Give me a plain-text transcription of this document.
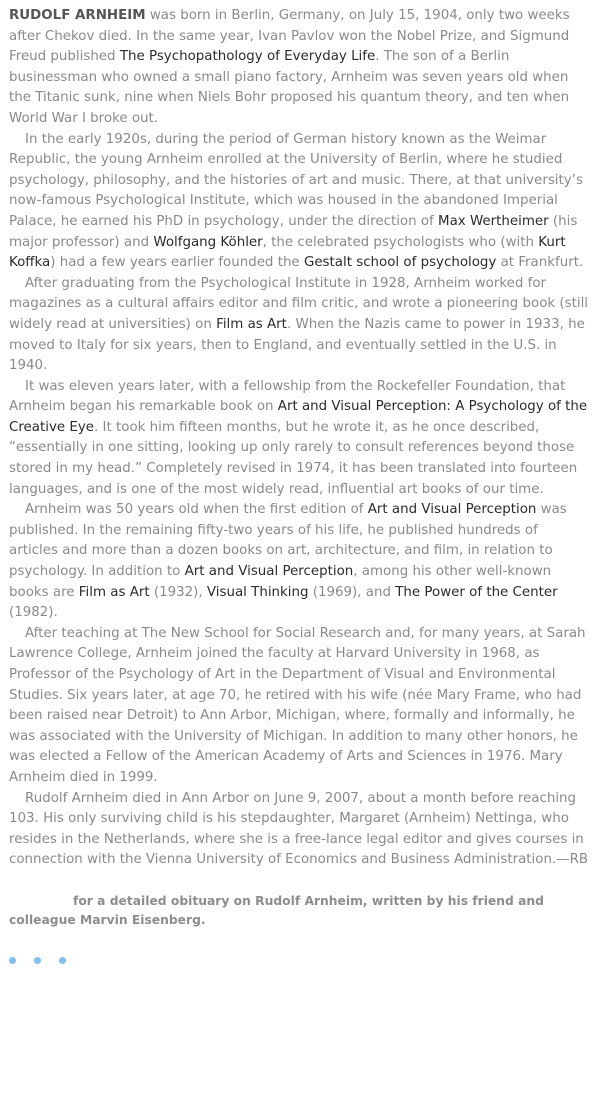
RUDOLF ARNHEIM was born in Berlin, Germany, on July 15, 1904, only two weeks after Chekov died. In the same year, Ivan Pavlov won the Nobel Prize, and Sigmund Freud published The Psychopathology of Everyday Life. The son of a Berlin businessman who owned a small piano factory, Arnheim was seven years old when the Titanic sunk, nine when Niels Bohr proposed his quantum theory, and ten when World War I broke out.

In the early 1920s, during the period of German history known as the Weimar Republic, the young Arnheim enrolled at the University of Berlin, where he studied psychology, philosophy, and the histories of art and music. There, at that university’s now-famous Psychological Institute, which was housed in the abandoned Imperial Palace, he earned his PhD in psychology, under the direction of Max Wertheimer (his major professor) and Wolfgang Köhler, the celebrated psychologists who (with Kurt Koffka) had a few years earlier founded the Gestalt school of psychology at Frankfurt.

After graduating from the Psychological Institute in 1928, Arnheim worked for magazines as a cultural affairs editor and film critic, and wrote a pioneering book (still widely read at universities) on Film as Art. When the Nazis came to power in 1933, he moved to Italy for six years, then to England, and eventually settled in the U.S. in 1940.

It was eleven years later, with a fellowship from the Rockefeller Foundation, that Arnheim began his remarkable book on Art and Visual Perception: A Psychology of the Creative Eye. It took him fifteen months, but he wrote it, as he once described, “essentially in one sitting, looking up only rarely to consult references beyond those stored in my head.” Completely revised in 1974, it has been translated into fourteen languages, and is one of the most widely read, influential art books of our time.

Arnheim was 50 years old when the first edition of Art and Visual Perception was published. In the remaining fifty-two years of his life, he published hundreds of articles and more than a dozen books on art, architecture, and film, in relation to psychology. In addition to Art and Visual Perception, among his other well-known books are Film as Art (1932), Visual Thinking (1969), and The Power of the Center (1982).

After teaching at The New School for Social Research and, for many years, at Sarah Lawrence College, Arnheim joined the faculty at Harvard University in 1968, as Professor of the Psychology of Art in the Department of Visual and Environmental Studies. Six years later, at age 70, he retired with his wife (née Mary Frame, who had been raised near Detroit) to Ann Arbor, Michigan, where, formally and informally, he was associated with the University of Michigan. In addition to many other honors, he was elected a Fellow of the American Academy of Arts and Sciences in 1976. Mary Arnheim died in 1999.

Rudolf Arnheim died in Ann Arbor on June 9, 2007, about a month before reaching 103. His only surviving child is his stepdaughter, Margaret (Arnheim) Nettinga, who resides in the Netherlands, where she is a free-lance legal editor and gives courses in connection with the Vienna University of Economics and Business Administration.—RB

for a detailed obituary on Rudolf Arnheim, written by his friend and colleague Marvin Eisenberg.
